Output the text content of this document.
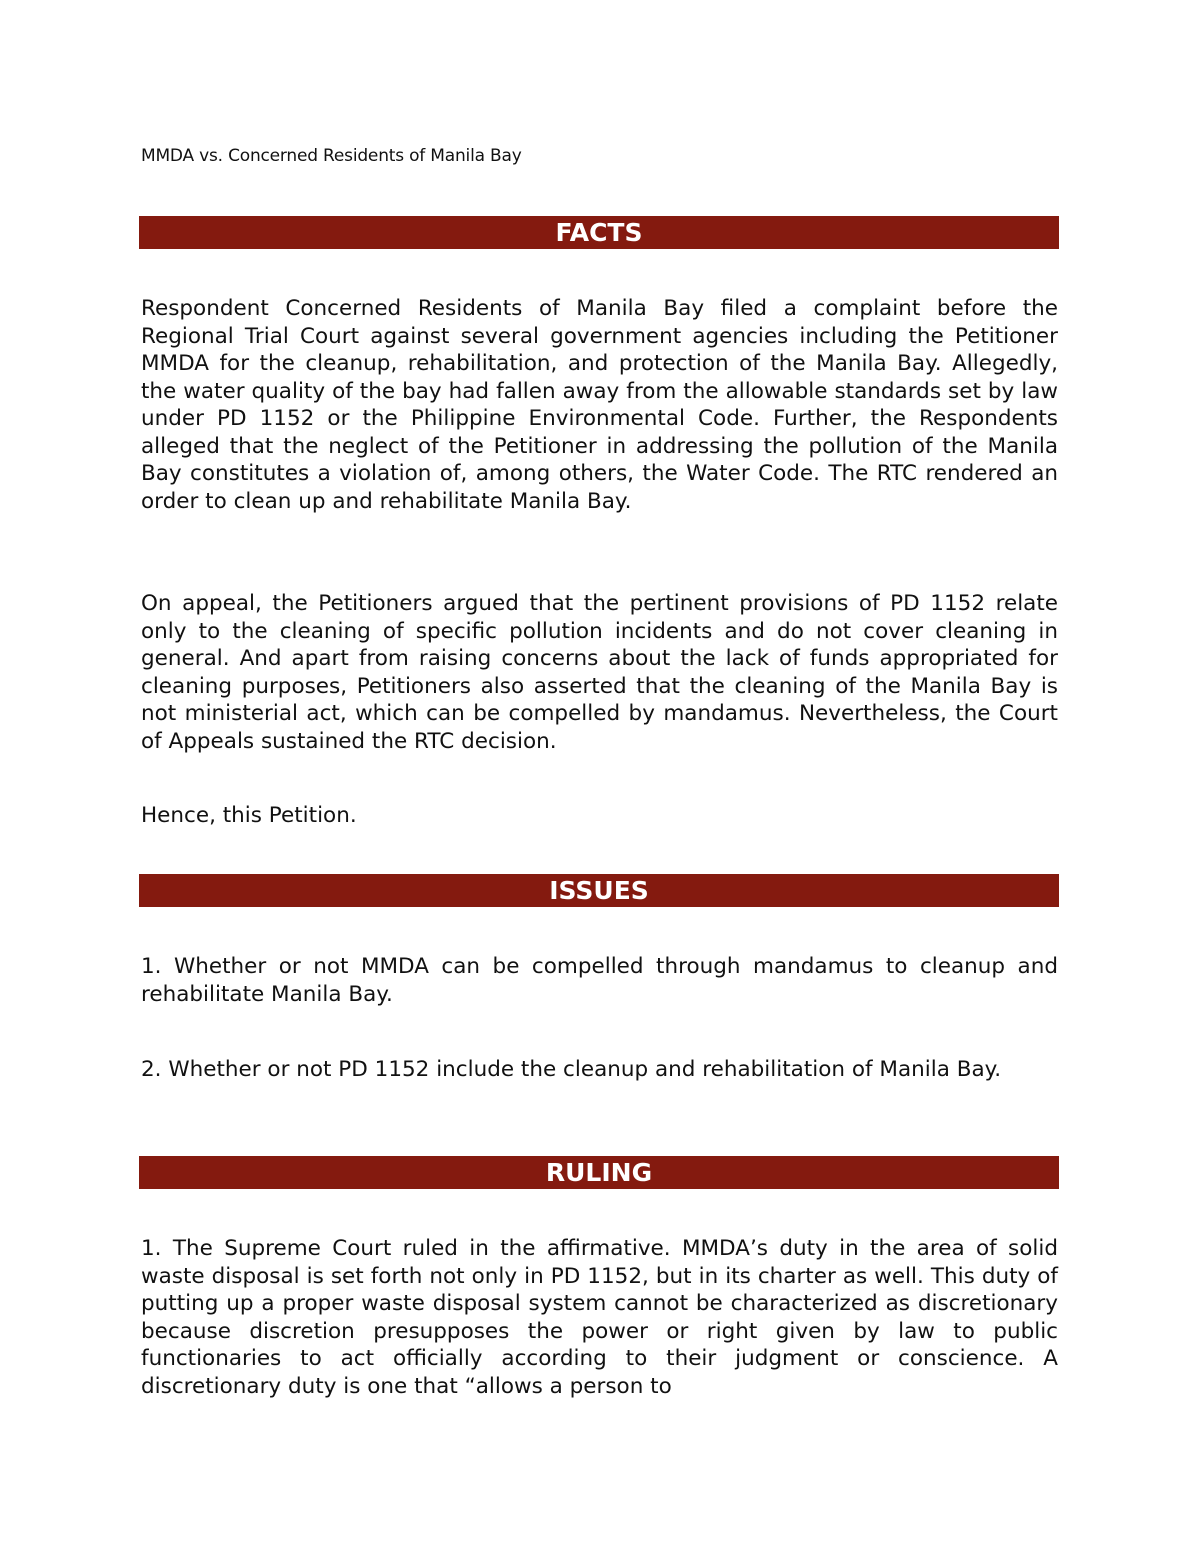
MMDA vs. Concerned Residents of Manila Bay
FACTS

Respondent Concerned Residents of Manila Bay filed a complaint before the Regional Trial Court against several government agencies including the Petitioner MMDA for the cleanup, rehabilitation, and protection of the Manila Bay. Allegedly, the water quality of the bay had fallen away from the allowable standards set by law under PD 1152 or the Philippine Environmental Code. Further, the Respondents alleged that the neglect of the Petitioner in addressing the pollution of the Manila Bay constitutes a violation of, among others, the Water Code. The RTC rendered an order to clean up and rehabilitate Manila Bay.

On appeal, the Petitioners argued that the pertinent provisions of PD 1152 relate only to the cleaning of specific pollution incidents and do not cover cleaning in general. And apart from raising concerns about the lack of funds appropriated for cleaning purposes, Petitioners also asserted that the cleaning of the Manila Bay is not ministerial act, which can be compelled by mandamus. Nevertheless, the Court of Appeals sustained the RTC decision.

Hence, this Petition.

ISSUES

1. Whether or not MMDA can be compelled through mandamus to cleanup and rehabilitate Manila Bay.

2. Whether or not PD 1152 include the cleanup and rehabilitation of Manila Bay.

RULING

1. The Supreme Court ruled in the affirmative. MMDA’s duty in the area of solid waste disposal is set forth not only in PD 1152, but in its charter as well. This duty of putting up a proper waste disposal system cannot be characterized as discretionary because discretion presupposes the power or right given by law to public functionaries to act officially according to their judgment or conscience. A discretionary duty is one that “allows a person to
